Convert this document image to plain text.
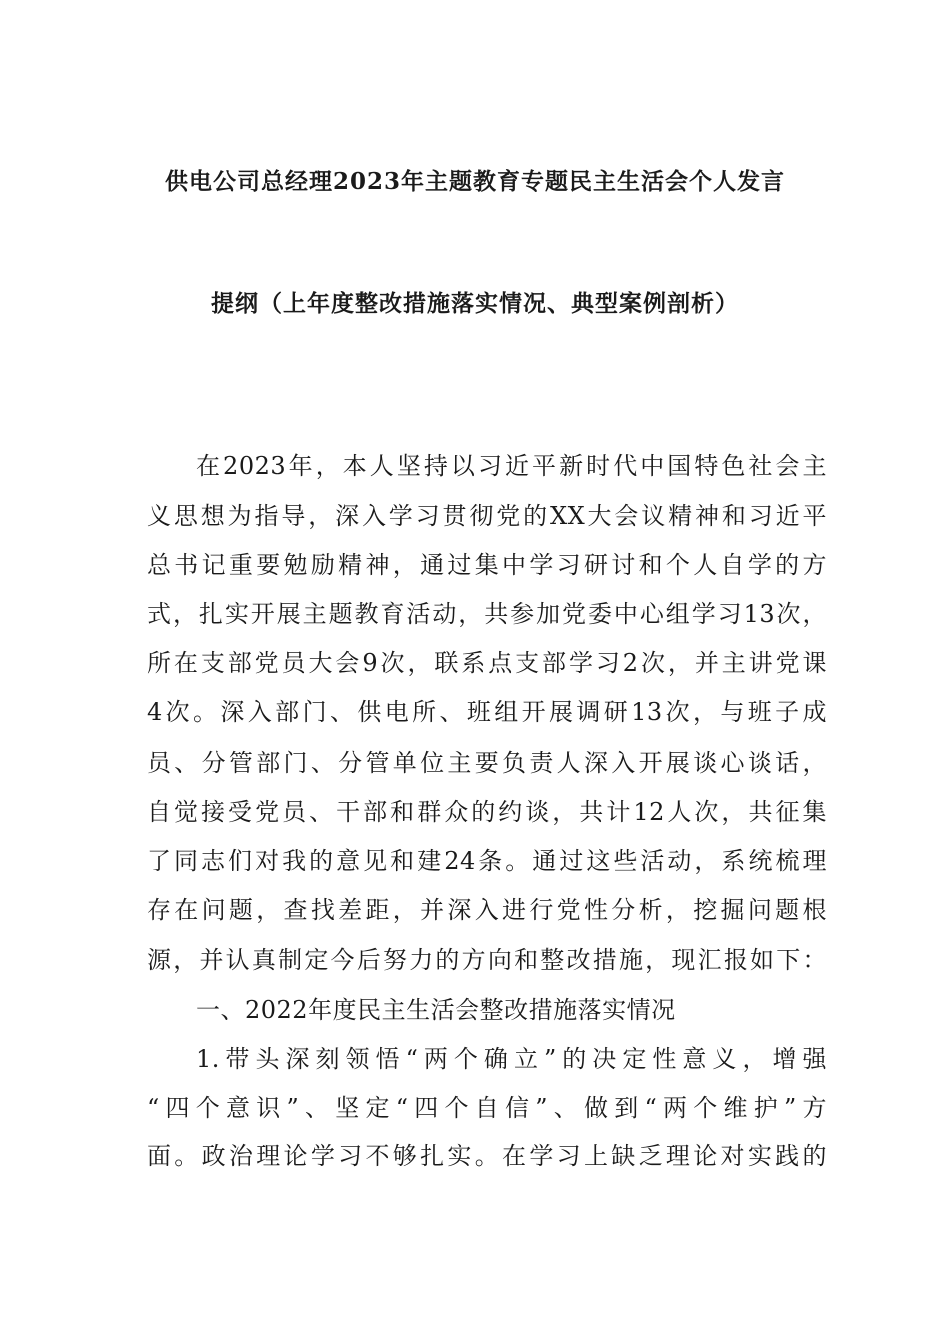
供电公司总经理2023年主题教育专题民主生活会个人发言
提纲（上年度整改措施落实情况、典型案例剖析）
在2023年，本人坚持以习近平新时代中国特色社会主
义思想为指导，深入学习贯彻党的XX大会议精神和习近平
总书记重要勉励精神，通过集中学习研讨和个人自学的方
式，扎实开展主题教育活动，共参加党委中心组学习13次，
所在支部党员大会9次，联系点支部学习2次，并主讲党课
4次。深入部门、供电所、班组开展调研13次，与班子成
员、分管部门、分管单位主要负责人深入开展谈心谈话，
自觉接受党员、干部和群众的约谈，共计12人次，共征集
了同志们对我的意见和建24条。通过这些活动，系统梳理
存在问题，查找差距，并深入进行党性分析，挖掘问题根
源，并认真制定今后努力的方向和整改措施，现汇报如下：
一、2022年度民主生活会整改措施落实情况
1.带头深刻领悟“两个确立”的决定性意义，增强
“四个意识”、坚定“四个自信”、做到“两个维护”方
面。政治理论学习不够扎实。在学习上缺乏理论对实践的
